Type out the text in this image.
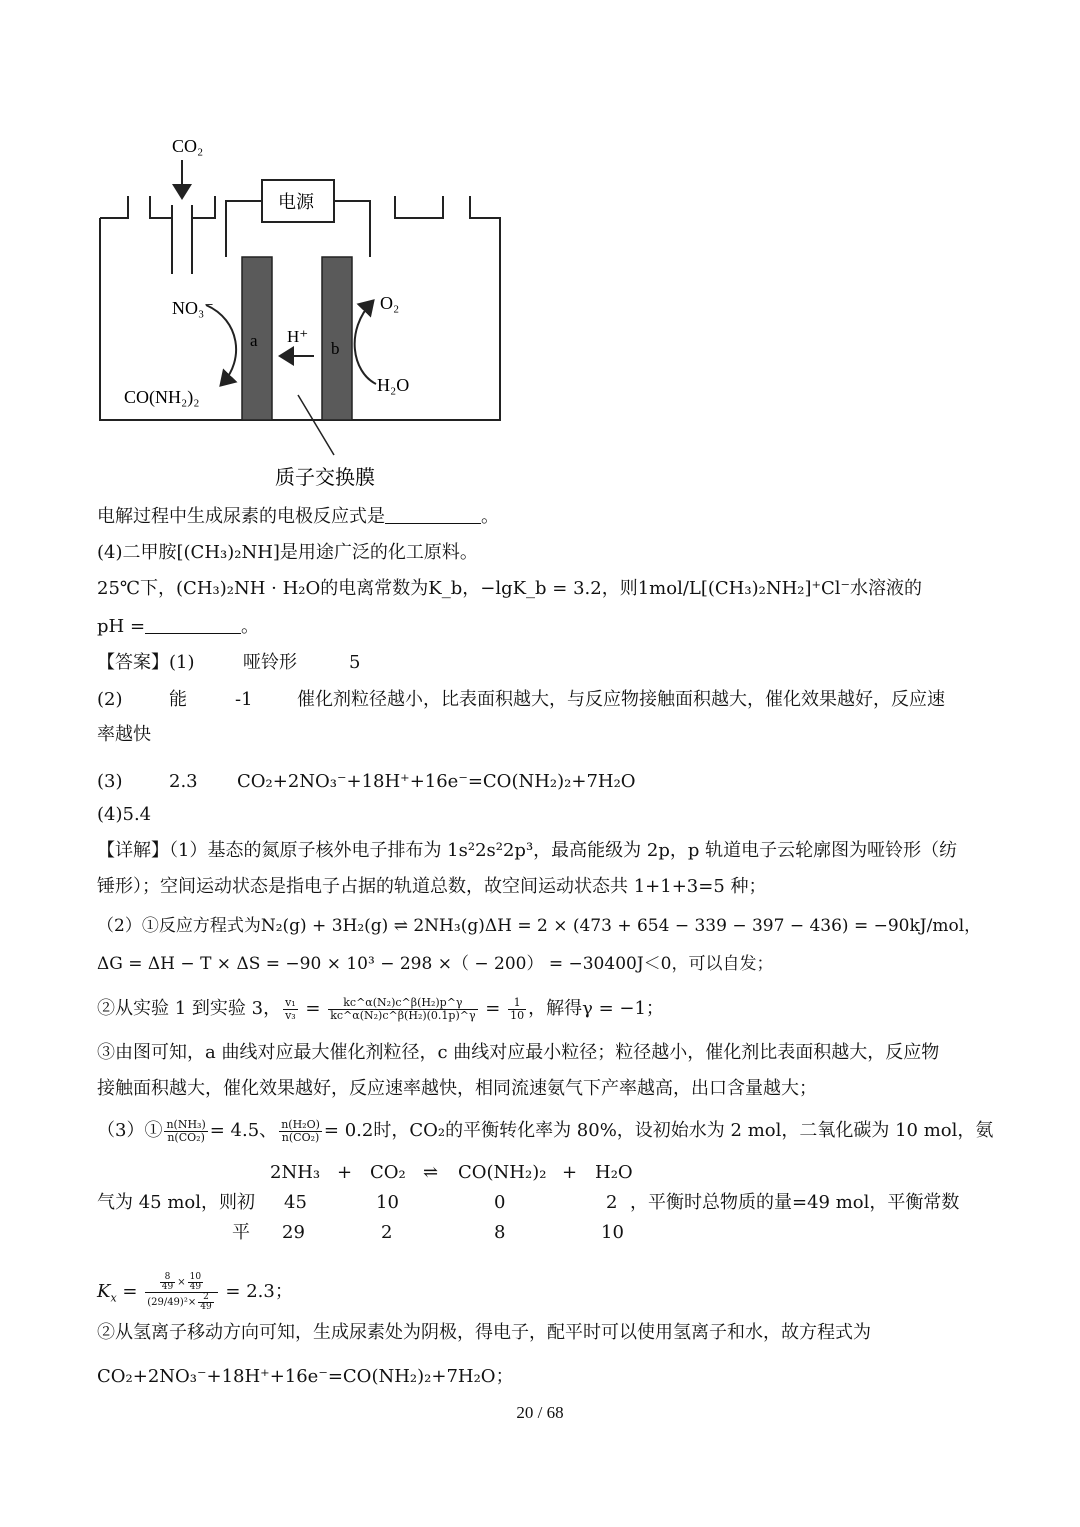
CO₂
电源
a	b
H⁺
NO₃⁻
CO(NH₂)₂
O₂
H₂O
质子交换膜
电解过程中生成尿素的电极反应式是	。
(4)二甲胺[(CH₃)₂NH]是用途广泛的化工原料。
25℃下，(CH₃)₂NH · H₂O的电离常数为K_b，−lgK_b = 3.2，则1mol/L[(CH₃)₂NH₂]⁺Cl⁻水溶液的
pH =	。
【答案】(1)	哑铃形	5
(2)	能	-1 催化剂粒径越小，比表面积越大，与反应物接触面积越大，催化效果越好，反应速
率越快
(3)	2.3 CO₂+2NO₃⁻+18H⁺+16e⁻=CO(NH₂)₂+7H₂O
(4)5.4
【详解】（1）基态的氮原子核外电子排布为 1s²2s²2p³，最高能级为 2p，p 轨道电子云轮廓图为哑铃形（纺
锤形）；空间运动状态是指电子占据的轨道总数，故空间运动状态共 1+1+3=5 种；
（2）①反应方程式为N₂(g) + 3H₂(g) ⇌ 2NH₃(g)ΔH = 2 × (473 + 654 − 339 − 397 − 436) = −90kJ/mol，
ΔG = ΔH − T × ΔS = −90 × 10³ − 298 ×（ − 200） = −30400J＜0，可以自发；
②从实验 1 到实验 3， $\frac{\text{v₁}}{\text{v₃}} = \frac{\text{kc\textasciicircum{}α(N₂)c\textasciicircum{}β(H₂)p\textasciicircum{}γ}}{\text{kc\textasciicircum{}α(N₂)c\textasciicircum{}β(H₂)(0.1p)\textasciicircum{}γ}} = \frac{1}{10}$ ，解得γ = −1；
③由图可知，a 曲线对应最大催化剂粒径，c 曲线对应最小粒径；粒径越小，催化剂比表面积越大，反应物
接触面积越大，催化效果越好，反应速率越快，相同流速氨气下产率越高，出口含量越大；
（3）① $\frac{\text{n(NH₃)}}{\text{n(CO₂)}} = 4.5$、 $\frac{\text{n(H₂O)}}{\text{n(CO₂)}} = 0.2$时，CO₂的平衡转化率为 80%，设初始水为 2 mol，二氧化碳为 10 mol，氨
2NH₃ + CO₂ ⇌ CO(NH₂)₂ + H₂O
气为 45 mol，则初 45	10	0	2 ，平衡时总物质的量=49 mol，平衡常数
平 29	2	8	10
$K_x = \frac{\frac{8}{49} \times \frac{10}{49}}{(29/49)^2\times \frac{2}{49}} = 2.3$；
②从氢离子移动方向可知，生成尿素处为阴极，得电子，配平时可以使用氢离子和水，故方程式为
CO₂+2NO₃⁻+18H⁺+16e⁻=CO(NH₂)₂+7H₂O；
20 / 68
